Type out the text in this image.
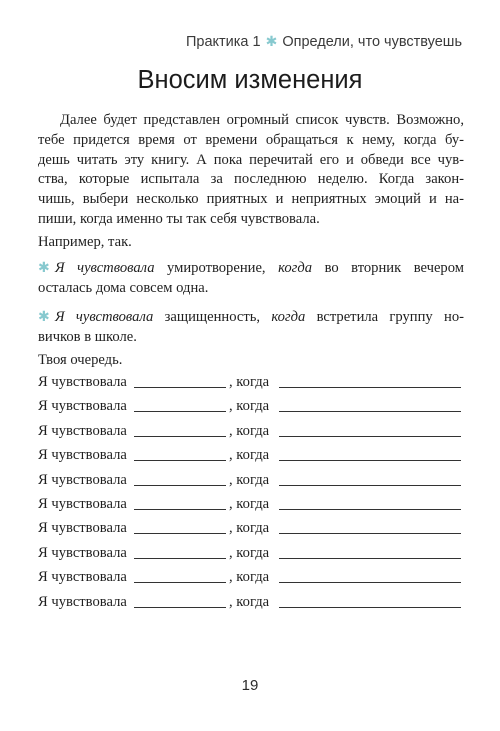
Практика 1 ✱ Определи, что чувствуешь
Вносим изменения

Далее будет представлен огромный список чувств. Возможно,
тебе придется время от времени обращаться к нему, когда бу-
дешь читать эту книгу. А пока перечитай его и обведи все чув-
ства, которые испытала за последнюю неделю. Когда закон-
чишь, выбери несколько приятных и неприятных эмоций и на-
пиши, когда именно ты так себя чувствовала.

Например, так.

✱ Я чувствовала умиротворение, когда во вторник вечером
осталась дома совсем одна.
✱ Я чувствовала защищенность, когда встретила группу но-
вичков в школе.

Твоя очередь.

Я чувствовала	, когда
Я чувствовала	, когда
Я чувствовала	, когда
Я чувствовала	, когда
Я чувствовала	, когда
Я чувствовала	, когда
Я чувствовала	, когда
Я чувствовала	, когда
Я чувствовала	, когда
Я чувствовала	, когда
19
